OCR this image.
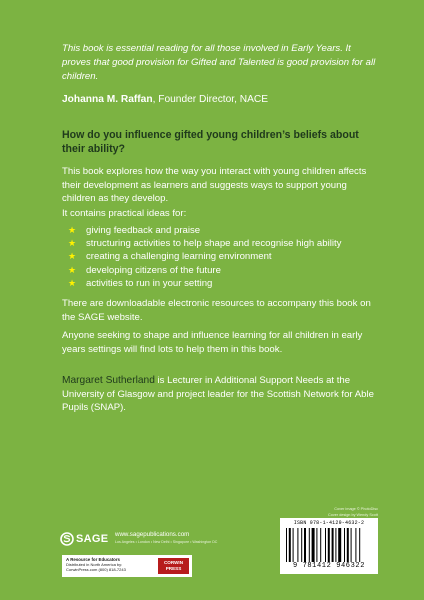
This book is essential reading for all those involved in Early Years. It proves that good provision for Gifted and Talented is good provision for all children.
Johanna M. Raffan, Founder Director, NACE
How do you influence gifted young children’s beliefs about their ability?
This book explores how the way you interact with young children affects their development as learners and suggests ways to support young children as they develop.
It contains practical ideas for:
★ giving feedback and praise
★ structuring activities to help shape and recognise high ability
★ creating a challenging learning environment
★ developing citizens of the future
★ activities to run in your setting
There are downloadable electronic resources to accompany this book on the SAGE website.
Anyone seeking to shape and influence learning for all children in early years settings will find lots to help them in this book.
Margaret Sutherland is Lecturer in Additional Support Needs at the University of Glasgow and project leader for the Scottish Network for Able Pupils (SNAP).
Cover image © PhotoDisc
Cover design by Wendy Scott
ISBN 978-1-4129-4632-2
9 781412 946322
SAGE www.sagepublications.com
Los Angeles • London • New Delhi • Singapore • Washington DC
A Resource for Educators
Distributed in North America by:
CorwinPress.com (800) 818-7243
CORWIN
PRESS
